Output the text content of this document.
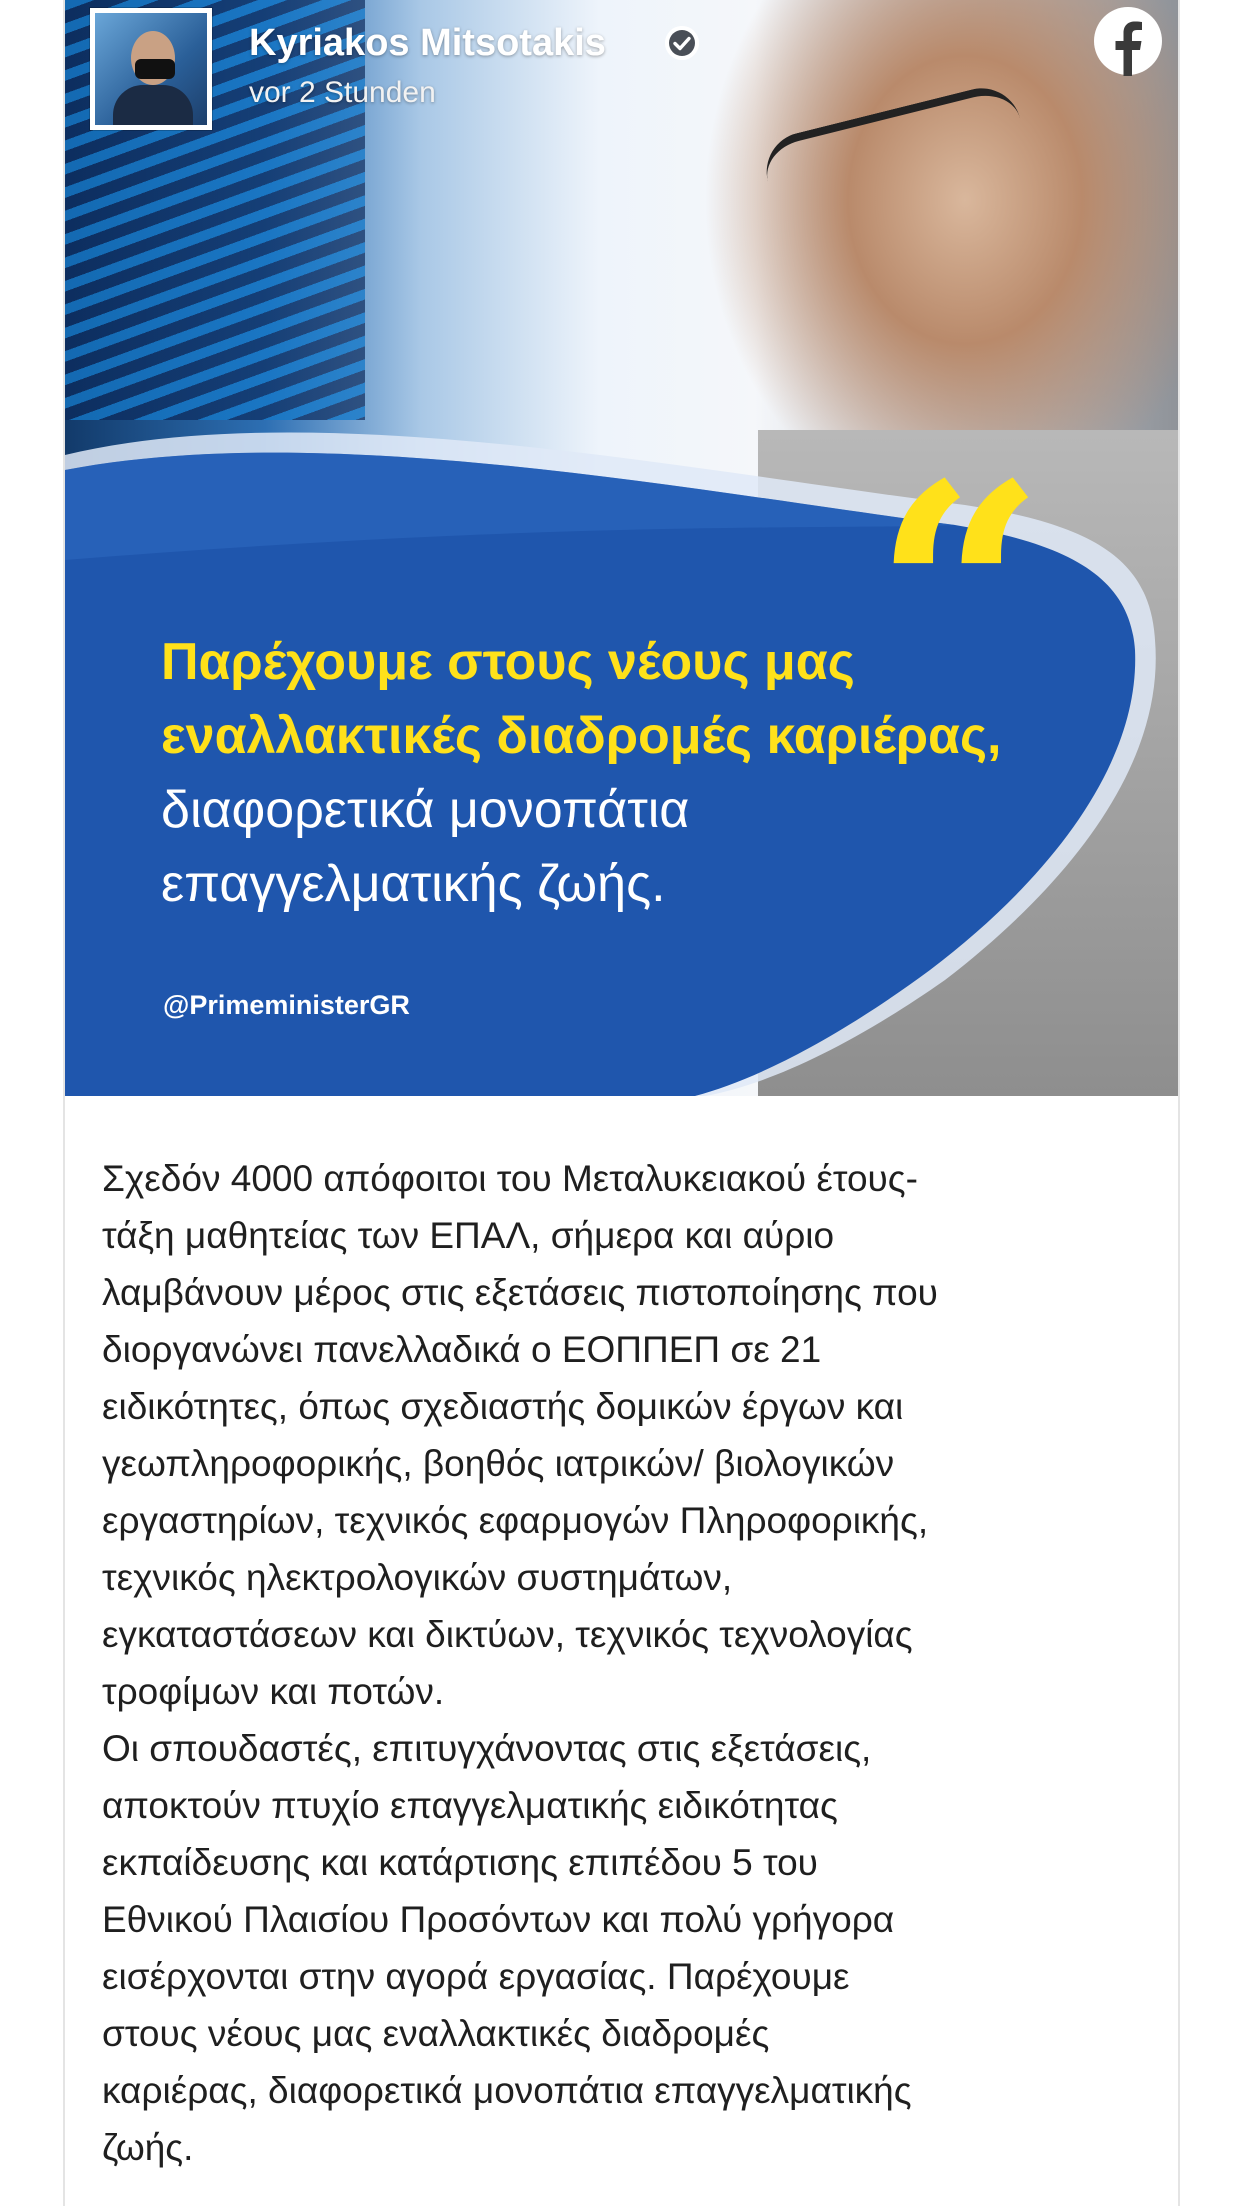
“
Kyriakos Mitsotakis
vor 2 Stunden
Παρέχουμε στους νέους μας
εναλλακτικές διαδρομές καριέρας,
διαφορετικά μονοπάτια
επαγγελματικής ζωής.
@PrimeministerGR

Σχεδόν 4000 απόφοιτοι του Μεταλυκειακού έτους-
τάξη μαθητείας των ΕΠΑΛ, σήμερα και αύριο
λαμβάνουν μέρος στις εξετάσεις πιστοποίησης που
διοργανώνει πανελλαδικά ο ΕΟΠΠΕΠ σε 21
ειδικότητες, όπως σχεδιαστής δομικών έργων και
γεωπληροφορικής, βοηθός ιατρικών/ βιολογικών
εργαστηρίων, τεχνικός εφαρμογών Πληροφορικής,
τεχνικός ηλεκτρολογικών συστημάτων,
εγκαταστάσεων και δικτύων, τεχνικός τεχνολογίας
τροφίμων και ποτών.

Οι σπουδαστές, επιτυγχάνοντας στις εξετάσεις,
αποκτούν πτυχίο επαγγελματικής ειδικότητας
εκπαίδευσης και κατάρτισης επιπέδου 5 του
Εθνικού Πλαισίου Προσόντων και πολύ γρήγορα
εισέρχονται στην αγορά εργασίας. Παρέχουμε
στους νέους μας εναλλακτικές διαδρομές
καριέρας, διαφορετικά μονοπάτια επαγγελματικής
ζωής.
